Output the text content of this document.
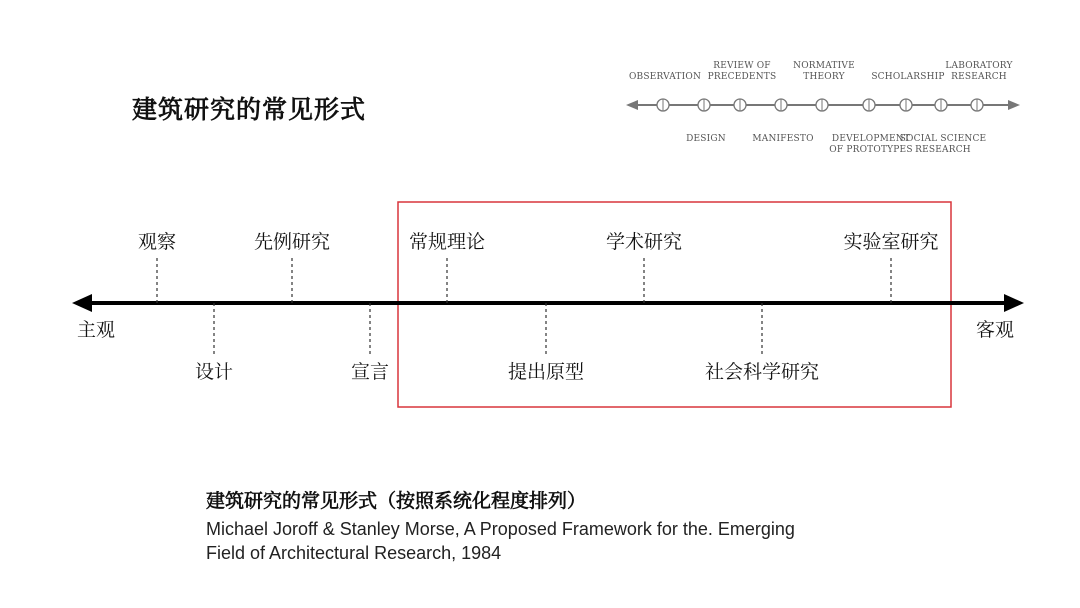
建筑研究的常见形式
OBSERVATION
DESIGN
REVIEW OF
PRECEDENTS
MANIFESTO
NORMATIVE
THEORY
DEVELOPMENT
OF PROTOTYPES
SCHOLARSHIP
SOCIAL SCIENCE
RESEARCH
LABORATORY
RESEARCH
主观	客观
观察
设计
先例研究
宣言
常规理论
提出原型
学术研究
社会科学研究
实验室研究
建筑研究的常见形式（按照系统化程度排列）
Michael Joroff & Stanley Morse, A Proposed Framework for the. Emerging
Field of Architectural Research, 1984
